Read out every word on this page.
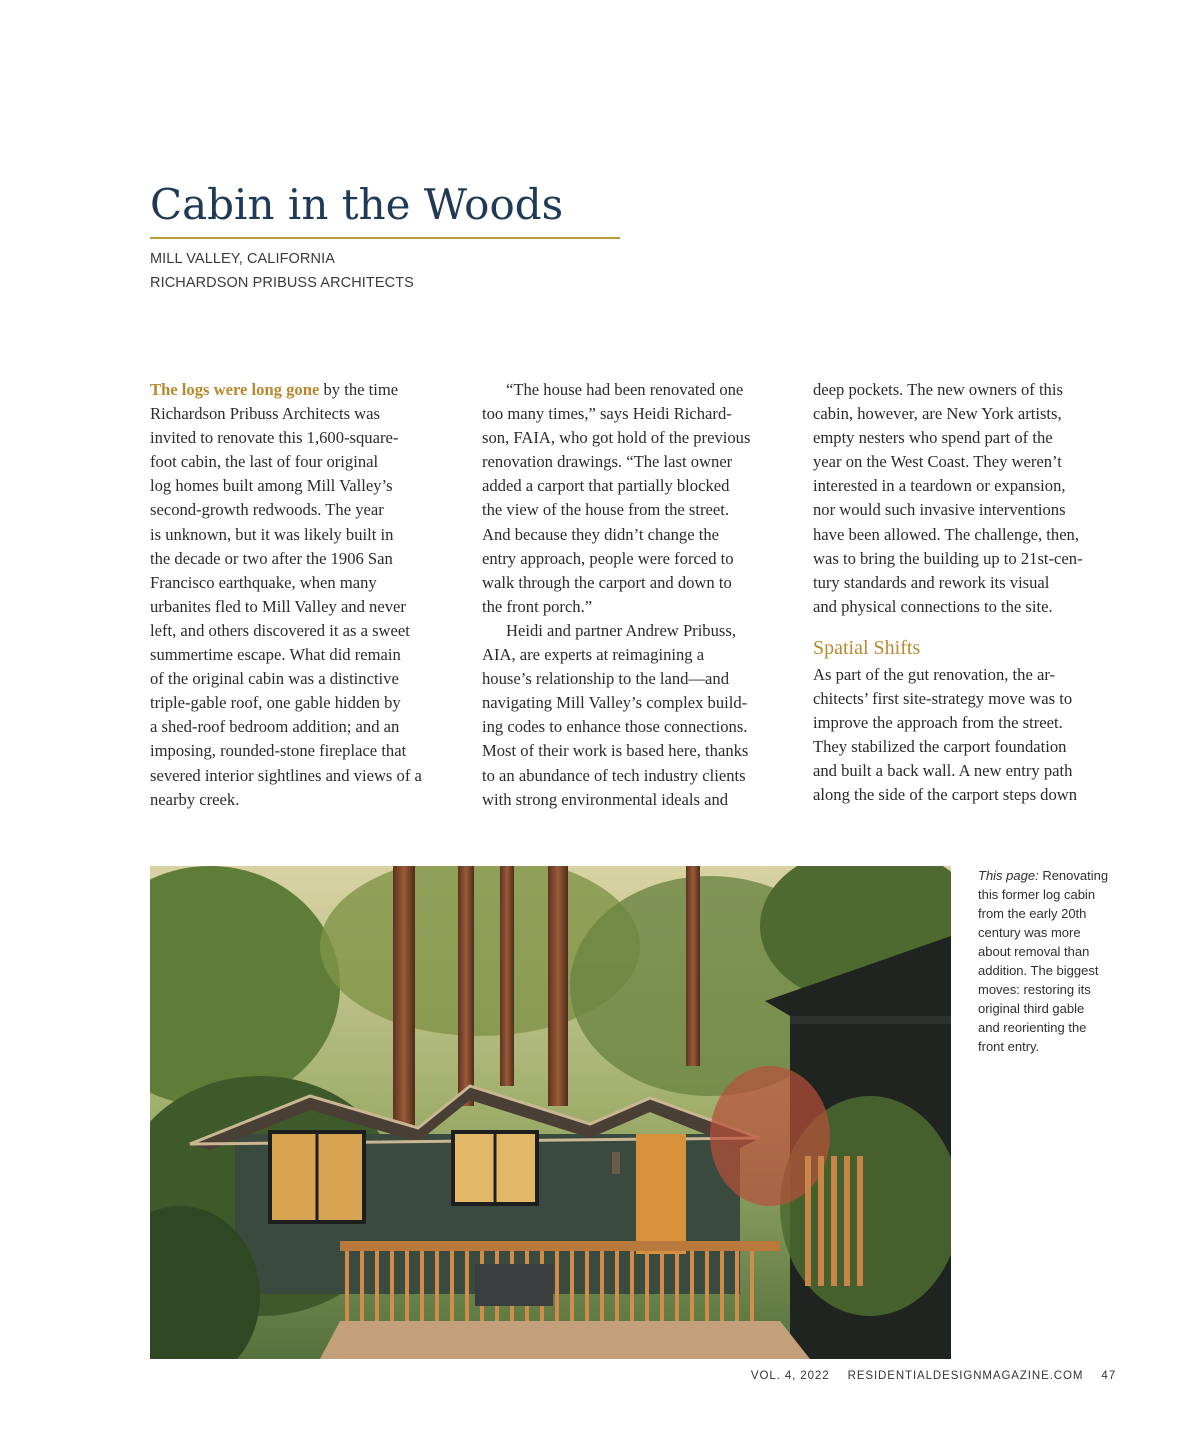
Cabin in the Woods
MILL VALLEY, CALIFORNIA
RICHARDSON PRIBUSS ARCHITECTS
The logs were long gone by the time
Richardson Pribuss Architects was
invited to renovate this 1,600-square-
foot cabin, the last of four original
log homes built among Mill Valley’s
second-growth redwoods. The year
is unknown, but it was likely built in
the decade or two after the 1906 San
Francisco earthquake, when many
urbanites fled to Mill Valley and never
left, and others discovered it as a sweet
summertime escape. What did remain
of the original cabin was a distinctive
triple-gable roof, one gable hidden by
a shed-roof bedroom addition; and an
imposing, rounded-stone fireplace that
severed interior sightlines and views of a
nearby creek.
“The house had been renovated one
too many times,” says Heidi Richard-
son, FAIA, who got hold of the previous
renovation drawings. “The last owner
added a carport that partially blocked
the view of the house from the street.
And because they didn’t change the
entry approach, people were forced to
walk through the carport and down to
the front porch.”
Heidi and partner Andrew Pribuss,
AIA, are experts at reimagining a
house’s relationship to the land—and
navigating Mill Valley’s complex build-
ing codes to enhance those connections.
Most of their work is based here, thanks
to an abundance of tech industry clients
with strong environmental ideals and
deep pockets. The new owners of this
cabin, however, are New York artists,
empty nesters who spend part of the
year on the West Coast. They weren’t
interested in a teardown or expansion,
nor would such invasive interventions
have been allowed. The challenge, then,
was to bring the building up to 21st-cen-
tury standards and rework its visual
and physical connections to the site.
Spatial Shifts
As part of the gut renovation, the ar-
chitects’ first site-strategy move was to
improve the approach from the street.
They stabilized the carport foundation
and built a back wall. A new entry path
along the side of the carport steps down
This page: Renovating
this former log cabin
from the early 20th
century was more
about removal than
addition. The biggest
moves: restoring its
original third gable
and reorienting the
front entry.
VOL. 4, 2022 RESIDENTIALDESIGNMAGAZINE.COM 47
